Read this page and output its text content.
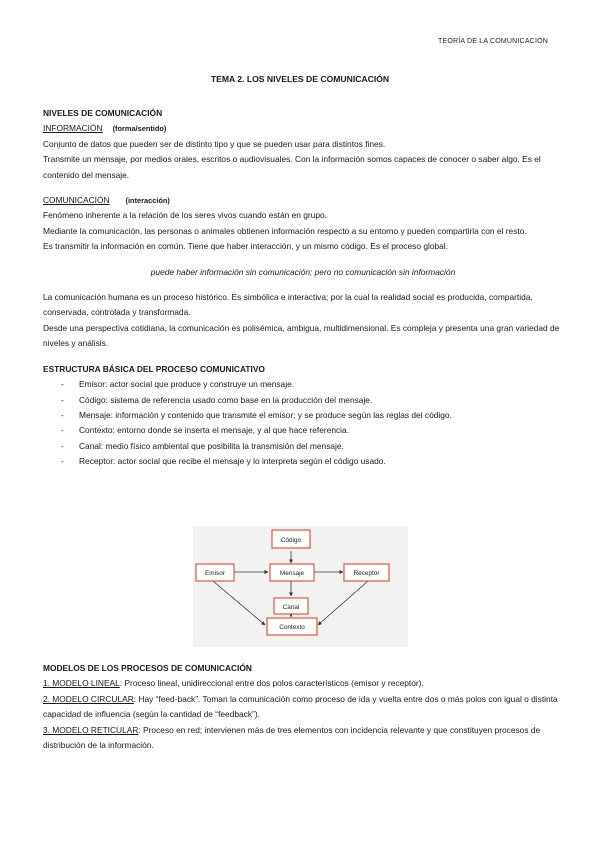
TEORÍA DE LA COMUNICACIÓN
TEMA 2. LOS NIVELES DE COMUNICACIÓN

NIVELES DE COMUNICACIÓN

INFORMACIÓN (forma/sentido)

Conjunto de datos que pueden ser de distinto tipo y que se pueden usar para distintos fines.

Transmite un mensaje, por medios orales, escritos o audiovisuales. Con la información somos capaces de conocer o saber algo. Es el contenido del mensaje.

COMUNICACIÓN (interacción)

Fenómeno inherente a la relación de los seres vivos cuando están en grupo.

Mediante la comunicación, las personas o animales obtienen información respecto a su entorno y pueden compartirla con el resto.

Es transmitir la información en común. Tiene que haber interacción, y un mismo código. Es el proceso global.

puede haber información sin comunicación; pero no comunicación sin información

La comunicación humana es un proceso histórico. Es simbólica e interactiva; por la cual la realidad social es producida, compartida, conservada, controlada y transformada.

Desde una perspectiva cotidiana, la comunicación es polisémica, ambigua, multidimensional. Es compleja y presenta una gran variedad de niveles y análisis.

ESTRUCTURA BÁSICA DEL PROCESO COMUNICATIVO

- Emisor: actor social que produce y construye un mensaje.
- Código: sistema de referencia usado como base en la producción del mensaje.
- Mensaje: información y contenido que transmite el emisor; y se produce según las reglas del código.
- Contexto: entorno donde se inserta el mensaje, y al que hace referencia.
- Canal: medio físico ambiental que posibilita la transmisión del mensaje.
- Receptor: actor social que recibe el mensaje y lo interpreta según el código usado.
Código
Emisor	Mensaje	Receptor
Canal
Contexto

MODELOS DE LOS PROCESOS DE COMUNICACIÓN

1. MODELO LINEAL: Proceso lineal, unidireccional entre dos polos característicos (emisor y receptor).

2. MODELO CIRCULAR: Hay “feed-back”. Toman la comunicación como proceso de ida y vuelta entre dos o más polos con igual o distinta capacidad de influencia (según la cantidad de “feedback”).

3. MODELO RETICULAR: Proceso en red; intervienen más de tres elementos con incidencia relevante y que constituyen procesos de distribución de la información.
